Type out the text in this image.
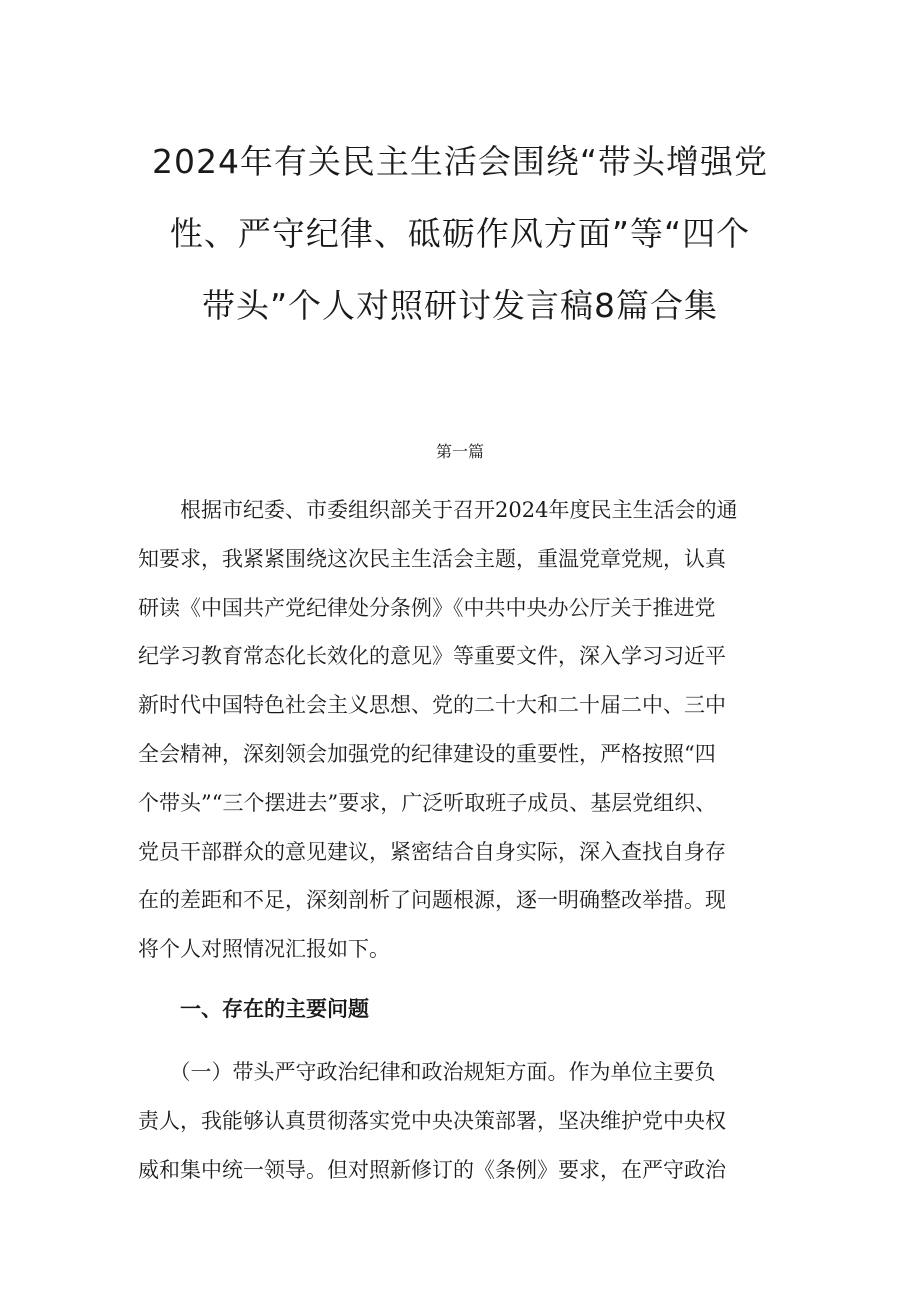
2024年有关民主生活会围绕“带头增强党
性、严守纪律、砥砺作风方面”等“四个
带头”个人对照研讨发言稿8篇合集
第一篇

　　根据市纪委、市委组织部关于召开2024年度民主生活会的通
知要求，我紧紧围绕这次民主生活会主题，重温党章党规，认真
研读《中国共产党纪律处分条例》《中共中央办公厅关于推进党
纪学习教育常态化长效化的意见》等重要文件，深入学习习近平
新时代中国特色社会主义思想、党的二十大和二十届二中、三中
全会精神，深刻领会加强党的纪律建设的重要性，严格按照“四
个带头”“三个摆进去”要求，广泛听取班子成员、基层党组织、
党员干部群众的意见建议，紧密结合自身实际，深入查找自身存
在的差距和不足，深刻剖析了问题根源，逐一明确整改举措。现
将个人对照情况汇报如下。

一、存在的主要问题

　　（一）带头严守政治纪律和政治规矩方面。作为单位主要负
责人，我能够认真贯彻落实党中央决策部署，坚决维护党中央权
威和集中统一领导。但对照新修订的《条例》要求，在严守政治
